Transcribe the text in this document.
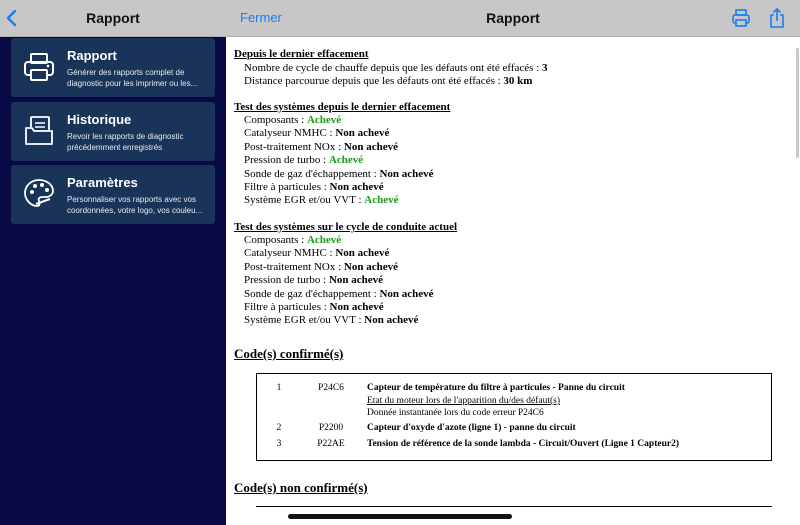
Rapport
Rapport
Générer des rapports complet de
diagnostic pour les imprimer ou les...
Historique
Revoir les rapports de diagnostic
précédemment enregistrés
Paramètres
Personnaliser vos rapports avec vos
coordonnées, votre logo, vos couleu...
Fermer	Rapport
Depuis le dernier effacement
Nombre de cycle de chauffe depuis que les défauts ont été effacés : 3
Distance parcourue depuis que les défauts ont été effacés : 30 km
Test des systèmes depuis le dernier effacement
Composants : Achevé
Catalyseur NMHC : Non achevé
Post-traitement NOx : Non achevé
Pression de turbo : Achevé
Sonde de gaz d'échappement : Non achevé
Filtre à particules : Non achevé
Système EGR et/ou VVT : Achevé
Test des systèmes sur le cycle de conduite actuel
Composants : Achevé
Catalyseur NMHC : Non achevé
Post-traitement NOx : Non achevé
Pression de turbo : Non achevé
Sonde de gaz d'échappement : Non achevé
Filtre à particules : Non achevé
Système EGR et/ou VVT : Non achevé
Code(s) confirmé(s)
1	P24C6	Capteur de température du filtre à particules - Panne du circuit
Etat du moteur lors de l'apparition du/des défaut(s)
Donnée instantanée lors du code erreur P24C6
2	P2200	Capteur d'oxyde d'azote (ligne 1) - panne du circuit
3	P22AE	Tension de référence de la sonde lambda - Circuit/Ouvert (Ligne 1 Capteur2)
Code(s) non confirmé(s)
